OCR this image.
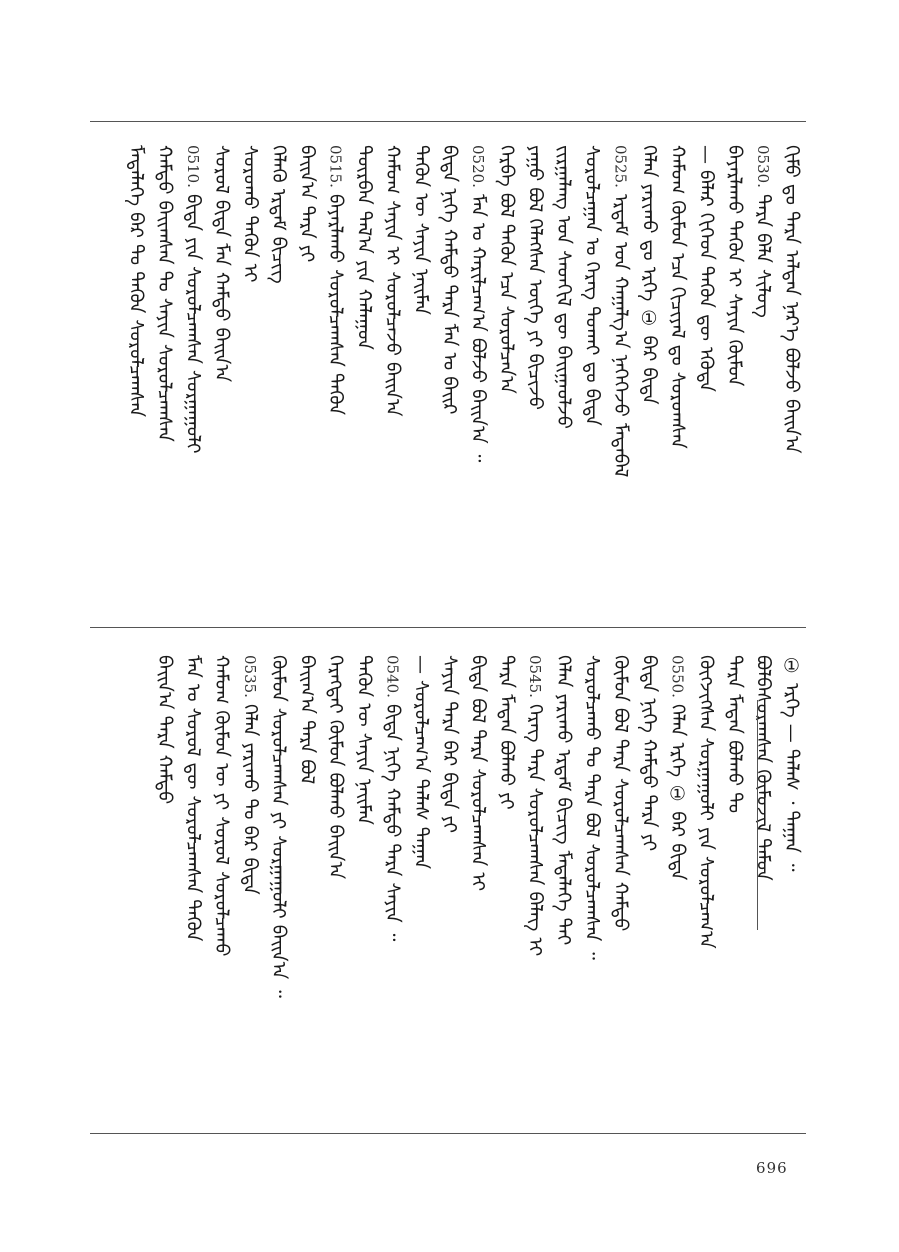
ᠬᠢᠮᠤ ᠳᠤ ᠲᠡᠷᠡ ᠠᠯᠲᠠᠨ ᠨᠡᠷ᠎ᠡ ᠪᠣᠯᠵᠤ ᠪᠠᠢᠨ᠎ᠠ
0530.ᠲᠡᠷᠡ ᠪᠡᠯᠡ ᠰᠢᠯᠦᠭ
ᠪᠠᠶᠠᠷᠯᠠᠬᠤ ᠲᠡᠭᠦᠨ ᠢ ᠰᠠᠶᠢᠨ ᠬᠥᠮᠦᠨ
— ᠪᠠᠯᠠᠷ ᠬᠢᠭᠡᠳ ᠲᠡᠭᠦᠨ ᠳᠦ ᠡᠭᠦᠳᠡ
ᠬᠠᠮᠤᠭ ᠬᠦᠮᠦᠨ ᠡᠴᠡ ᠬᠢᠴᠢᠶᠡᠯ ᠳᠤ ᠰᠤᠷᠤᠭᠰᠠᠨ
ᠬᠡᠯᠡᠨ ᠶᠠᠷᠢᠬᠤ ᠳᠤ ᠡᠷᠬᠡ ① ᠪᠠᠷ ᠪᠢᠳᠡ
0525.ᠡᠷᠳᠡᠮ ᠤᠨ ᠬᠠᠭᠠᠯᠭ᠎ᠠ ᠨᠡᠭᠡᠭᠡᠵᠦ ᠮᠡᠳᠡᠪᠡᠯ
ᠰᠤᠷᠤᠯᠴᠠᠭᠠᠨ ᠤ ᠬᠡᠷᠡᠭ ᠲᠤᠬᠠᠢ ᠳᠤ ᠪᠢᠳᠡ
ᠵᠢᠷᠭᠠᠯᠠᠩ ᠤᠨ ᠰᠡᠳᠬᠢᠯ ᠳᠦ ᠪᠠᠢᠭᠤ᠋ᠯᠵᠤ
ᠶᠠᠭᠤ ᠪᠣᠯ ᠬᠡᠯᠡᠭᠰᠡᠨ ᠦᠭᠡ ᠶᠢ ᠪᠢᠴᠢᠵᠦ
ᠬᠡᠷᠪᠡ ᠪᠣᠯ ᠲᠡᠭᠦᠨ ᠡᠴᠡ ᠰᠤᠷᠤᠯᠴᠠᠨ᠎ᠠ
0520.ᠮᠠᠨ ᠤ ᠬᠠᠷᠢᠯᠴᠠᠭ᠎ᠠ ᠪᠣᠯᠵᠤ ᠪᠠᠢᠨ᠎ᠠ ᠃
ᠪᠢᠳᠡ ᠨᠢᠭᠡ ᠬᠠᠮᠲᠤ ᠲᠡᠷᠡ ᠮᠠᠨ ᠤ ᠪᠠᠢᠷ
ᠲᠡᠭᠦᠨ ᠦ ᠰᠠᠶᠢᠨ ᠨᠠᠢᠮᠠᠨ
ᠬᠠᠮᠤᠭ ᠰᠠᠶᠢᠨ ᠢ ᠰᠤᠷᠤᠯᠴᠠᠵᠤ ᠪᠠᠢᠨ᠎ᠠ
ᠳᠦᠷᠪᠡᠨ ᠲᠠᠯ᠎ᠠ ᠶᠢᠨ ᠬᠠᠯᠠᠭᠤᠨ
0515.ᠪᠠᠶᠠᠷᠯᠠᠬᠤ ᠰᠤᠷᠤᠯᠴᠠᠭᠰᠠᠨ ᠲᠡᠭᠦᠨ
ᠪᠠᠢᠨ᠎ᠠ ᠲᠡᠷᠡ ᠶᠢ
ᠬᠡᠯᠡᠬᠦ ᠡᠷᠳᠡᠮ ᠪᠢᠴᠢᠭ
ᠰᠤᠷᠤᠬᠤ ᠲᠡᠭᠦᠨ ᠢ
ᠰᠤᠷᠤᠯ ᠪᠢᠳᠡ ᠮᠠᠨ ᠬᠠᠮᠲᠤ ᠪᠠᠢᠨ᠎ᠠ
0510.ᠪᠢᠳᠡ ᠶᠢᠨ ᠰᠤᠷᠤᠯᠴᠠᠭᠰᠠᠨ ᠰᠤᠷᠭᠠᠭᠤᠯᠢ
ᠬᠠᠮᠲᠤ ᠪᠠᠢᠭᠰᠠᠨ ᠲᠤ ᠰᠠᠶᠢᠨ ᠰᠤᠷᠤᠯᠴᠠᠭᠰᠠᠨ
ᠮᠡᠳᠡᠯᠡᠭᠡ ᠪᠡᠷ ᠲᠤ ᠲᠡᠭᠦᠨ ᠰᠤᠷᠤᠯᠴᠠᠭᠰᠠᠨ
① ᠡᠷᠬᠡ — ᠲᠠᠯᠠᠰ ᠂ ᠲᠠᠭᠠᠨ ᠃
ᠪᠣᠯᠪᠠᠰᠤᠷᠠᠭᠰᠠᠨ ᠬᠦᠮᠦᠵᠢᠯ ᠲᠡᠮᠦᠨ
ᠲᠡᠷᠡ ᠮᠡᠳᠡᠨ ᠪᠣᠯᠬᠤ ᠲᠤ
ᠬᠥᠭᠵᠢᠭᠰᠡᠨ ᠰᠤᠷᠭᠠᠭᠤᠯᠢ ᠶᠢᠨ ᠰᠤᠷᠤᠯᠴᠠᠭ᠎ᠠ
0550.ᠬᠡᠯᠡᠨ ᠡᠷᠬᠡ ① ᠪᠠᠷ ᠪᠢᠳᠡ
ᠪᠢᠳᠡ ᠨᠢᠭᠡ ᠬᠠᠮᠲᠤ ᠲᠡᠷᠡ ᠶᠢ
ᠬᠦᠮᠦᠨ ᠪᠣᠯ ᠲᠡᠷᠡ ᠰᠤᠷᠤᠯᠴᠠᠭᠰᠠᠨ ᠬᠠᠮᠲᠤ
ᠰᠤᠷᠤᠯᠴᠠᠬᠤ ᠲᠤ ᠲᠡᠷᠡ ᠪᠣᠯ ᠰᠤᠷᠤᠯᠴᠠᠭᠰᠠᠨ ᠃
ᠬᠡᠯᠡᠨ ᠶᠠᠷᠢᠬᠤ ᠡᠷᠳᠡᠮ ᠪᠢᠴᠢᠭ ᠮᠡᠳᠡᠯᠡᠭᠡ ᠲᠠᠢ
0545.ᠬᠡᠷᠡᠭ ᠲᠡᠷᠡ ᠰᠤᠷᠤᠯᠴᠠᠭᠰᠠᠨ ᠪᠡᠯᠡᠭ ᠢ
ᠲᠡᠷᠡ ᠮᠡᠳᠡᠨ ᠪᠣᠯᠬᠤ ᠶᠢ
ᠪᠢᠳᠡ ᠪᠣᠯ ᠲᠡᠷᠡ ᠰᠤᠷᠤᠯᠴᠠᠭᠰᠠᠨ ᠢ
ᠰᠠᠶᠢᠨ ᠲᠡᠷᠡ ᠪᠠᠷ ᠪᠢᠳᠡ ᠶᠢ
— ᠰᠤᠷᠤᠯᠴᠠᠭ᠎ᠠ ᠲᠠᠯᠠᠰ ᠲᠠᠭᠠᠨ
0540.ᠪᠢᠳᠡ ᠨᠢᠭᠡ ᠬᠠᠮᠲᠤ ᠲᠡᠷᠡ ᠰᠠᠶᠢᠨ ᠃
ᠲᠡᠭᠦᠨ ᠦ ᠰᠠᠶᠢᠨ ᠨᠠᠢᠮᠠᠨ
ᠬᠡᠷᠡᠭᠲᠡᠢ ᠬᠥᠮᠦᠨ ᠪᠣᠯᠬᠤ ᠪᠠᠢᠨ᠎ᠠ
ᠪᠠᠢᠭ᠎ᠠ ᠲᠡᠷᠡ ᠪᠣᠯ
ᠬᠦᠮᠦᠨ ᠰᠤᠷᠤᠯᠴᠠᠭᠰᠠᠨ ᠶᠢ ᠰᠤᠷᠭᠠᠭᠤᠯᠢ ᠪᠠᠢᠨ᠎ᠠ ᠃
0535.ᠬᠡᠯᠡᠨ ᠶᠠᠷᠢᠬᠤ ᠲᠤ ᠪᠠᠷ ᠪᠢᠳᠡ
ᠬᠠᠮᠤᠭ ᠬᠦᠮᠦᠨ ᠦ ᠶᠢ ᠰᠤᠷᠤᠯ ᠰᠤᠷᠤᠯᠴᠠᠬᠤ
ᠮᠠᠨ ᠤ ᠰᠤᠷᠤᠯ ᠳᠦ ᠰᠤᠷᠤᠯᠴᠠᠭᠰᠠᠨ ᠲᠡᠭᠦᠨ
ᠪᠠᠢᠨ᠎ᠠ ᠲᠡᠷᠡ ᠬᠠᠮᠲᠤ
969
